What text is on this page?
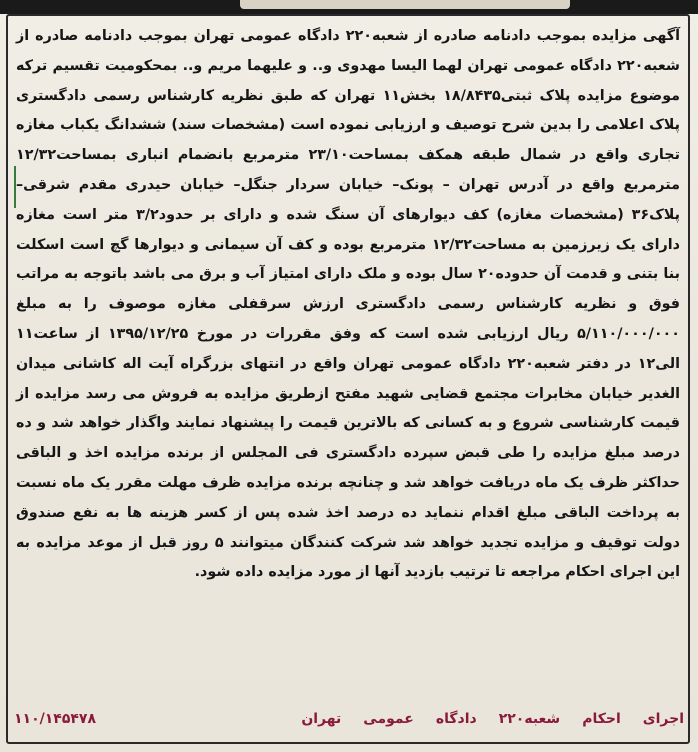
آگهی مزایده بموجب دادنامه صادره از شعبه۲۲۰ دادگاه عمومی تهران بموجب دادنامه صادره از شعبه۲۲۰ دادگاه عمومی تهران لهما الیسا مهدوی و.. و علیهما مریم و.. بمحکومیت تقسیم ترکه موضوع مزایده پلاک ثبتی۱۸/۸۴۳۵ بخش۱۱ تهران که طبق نظریه کارشناس رسمی دادگستری پلاک اعلامی را بدین شرح توصیف و ارزیابی نموده است (مشخصات سند) ششدانگ یکباب مغازه تجاری واقع در شمال طبقه همکف بمساحت۲۳/۱۰ مترمربع بانضمام انباری بمساحت۱۲/۳۲ مترمربع واقع در آدرس تهران – پونک– خیابان سردار جنگل– خیابان حیدری مقدم شرقی– پلاک۳۶ (مشخصات مغازه) کف دیوارهای آن سنگ شده و دارای بر حدود۳/۲ متر است مغازه دارای یک زیرزمین به مساحت۱۲/۳۲ مترمربع بوده و کف آن سیمانی و دیوارها گچ است اسکلت بنا بتنی و قدمت آن حدوده۲۰ سال بوده و ملک دارای امتیاز آب و برق می باشد باتوجه به مراتب فوق و نظریه کارشناس رسمی دادگستری ارزش سرقفلی مغازه موصوف را به مبلغ ۵/۱۱۰/۰۰۰/۰۰۰ ریال ارزیابی شده است که وفق مقررات در مورخ ۱۳۹۵/۱۲/۲۵ از ساعت۱۱ الی۱۲ در دفتر شعبه۲۲۰ دادگاه عمومی تهران واقع در انتهای بزرگراه آیت اله کاشانی میدان الغدیر خیابان مخابرات مجتمع قضایی شهید مفتح ازطریق مزایده به فروش می رسد مزایده از قیمت کارشناسی شروع و به کسانی که بالاترین قیمت را پیشنهاد نمایند واگذار خواهد شد و ده درصد مبلغ مزایده را طی قبض سپرده دادگستری فی المجلس از برنده مزایده اخذ و الباقی حداکثر ظرف یک ماه دریافت خواهد شد و چنانچه برنده مزایده ظرف مهلت مقرر یک ماه نسبت به پرداخت الباقی مبلغ اقدام ننماید ده درصد اخذ شده پس از کسر هزینه ها به نفع صندوق دولت توقیف و مزایده تجدید خواهد شد شرکت کنندگان میتوانند ۵ روز قبل از موعد مزایده به این اجرای احکام مراجعه تا ترتیب بازدید آنها از مورد مزایده داده شود.

اجرای
احکام
شعبه۲۲۰
دادگاه
عمومی
تهران
۱۱۰/۱۴۵۴۷۸
